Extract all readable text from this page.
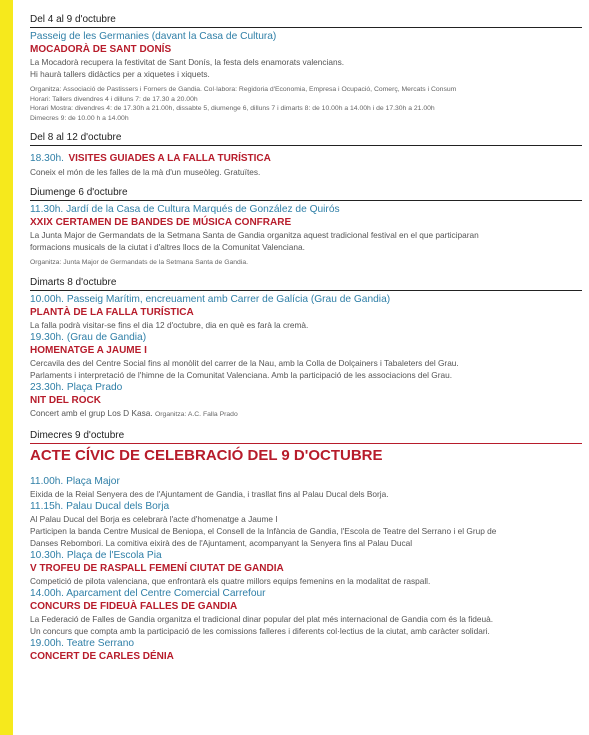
Del 4 al 9 d'octubre
Passeig de les Germanies (davant la Casa de Cultura)
MOCADORÀ DE SANT DONÍS
La Mocadorà recupera la festivitat de Sant Donís, la festa dels enamorats valencians.
Hi haurà tallers didàctics per a xiquetes i xiquets.
Organitza: Associació de Pastissers i Forners de Gandia. Col·labora: Regidoria d'Economia, Empresa i Ocupació, Comerç, Mercats i Consum
Horari: Tallers divendres 4 i dilluns 7: de 17.30 a 20.00h
Horari Mostra: divendres 4: de 17.30h a 21.00h, dissabte 5, diumenge 6, dilluns 7 i dimarts 8: de 10.00h a 14.00h i de 17.30h a 21.00h
Dimecres 9: de 10.00 h a 14.00h
Del 8 al 12 d'octubre
18.30h. VISITES GUIADES A LA FALLA TURÍSTICA
Coneix el món de les falles de la mà d'un museòleg. Gratuïtes.
Diumenge 6 d'octubre
11.30h. Jardí de la Casa de Cultura Marqués de González de Quirós
XXIX CERTAMEN DE BANDES DE MÚSICA CONFRARE
La Junta Major de Germandats de la Setmana Santa de Gandia organitza aquest tradicional festival en el que participaran
formacions musicals de la ciutat i d'altres llocs de la Comunitat Valenciana.
Organitza: Junta Major de Germandats de la Setmana Santa de Gandia.
Dimarts 8 d'octubre
10.00h. Passeig Marítim, encreuament amb Carrer de Galícia (Grau de Gandia)
PLANTÀ DE LA FALLA TURÍSTICA
La falla podrà visitar-se fins el dia 12 d'octubre, dia en què es farà la cremà.
19.30h. (Grau de Gandia)
HOMENATGE A JAUME I
Cercavila des del Centre Social fins al monòlit del carrer de la Nau, amb la Colla de Dolçainers i Tabaleters del Grau.
Parlaments i interpretació de l'himne de la Comunitat Valenciana. Amb la participació de les associacions del Grau.
23.30h. Plaça Prado
NIT DEL ROCK
Concert amb el grup Los D Kasa. Organitza: A.C. Falla Prado
Dimecres 9 d'octubre
ACTE CÍVIC DE CELEBRACIÓ DEL 9 D'OCTUBRE
11.00h. Plaça Major
Eixida de la Reial Senyera des de l'Ajuntament de Gandia, i trasllat fins al Palau Ducal dels Borja.
11.15h. Palau Ducal dels Borja
Al Palau Ducal del Borja es celebrarà l'acte d'homenatge a Jaume I
Participen la banda Centre Musical de Beniopa, el Consell de la Infància de Gandia, l'Escola de Teatre del Serrano i el Grup de
Danses Rebombori. La comitiva eixirà des de l'Ajuntament, acompanyant la Senyera fins al Palau Ducal
10.30h. Plaça de l'Escola Pia
V TROFEU DE RASPALL FEMENÍ CIUTAT DE GANDIA
Competició de pilota valenciana, que enfrontarà els quatre millors equips femenins en la modalitat de raspall.
14.00h. Aparcament del Centre Comercial Carrefour
CONCURS DE FIDEUÀ FALLES DE GANDIA
La Federació de Falles de Gandia organitza el tradicional dinar popular del plat més internacional de Gandia com és la fideuà.
Un concurs que compta amb la participació de les comissions falleres i diferents col·lectius de la ciutat, amb caràcter solidari.
19.00h. Teatre Serrano
CONCERT DE CARLES DÉNIA
